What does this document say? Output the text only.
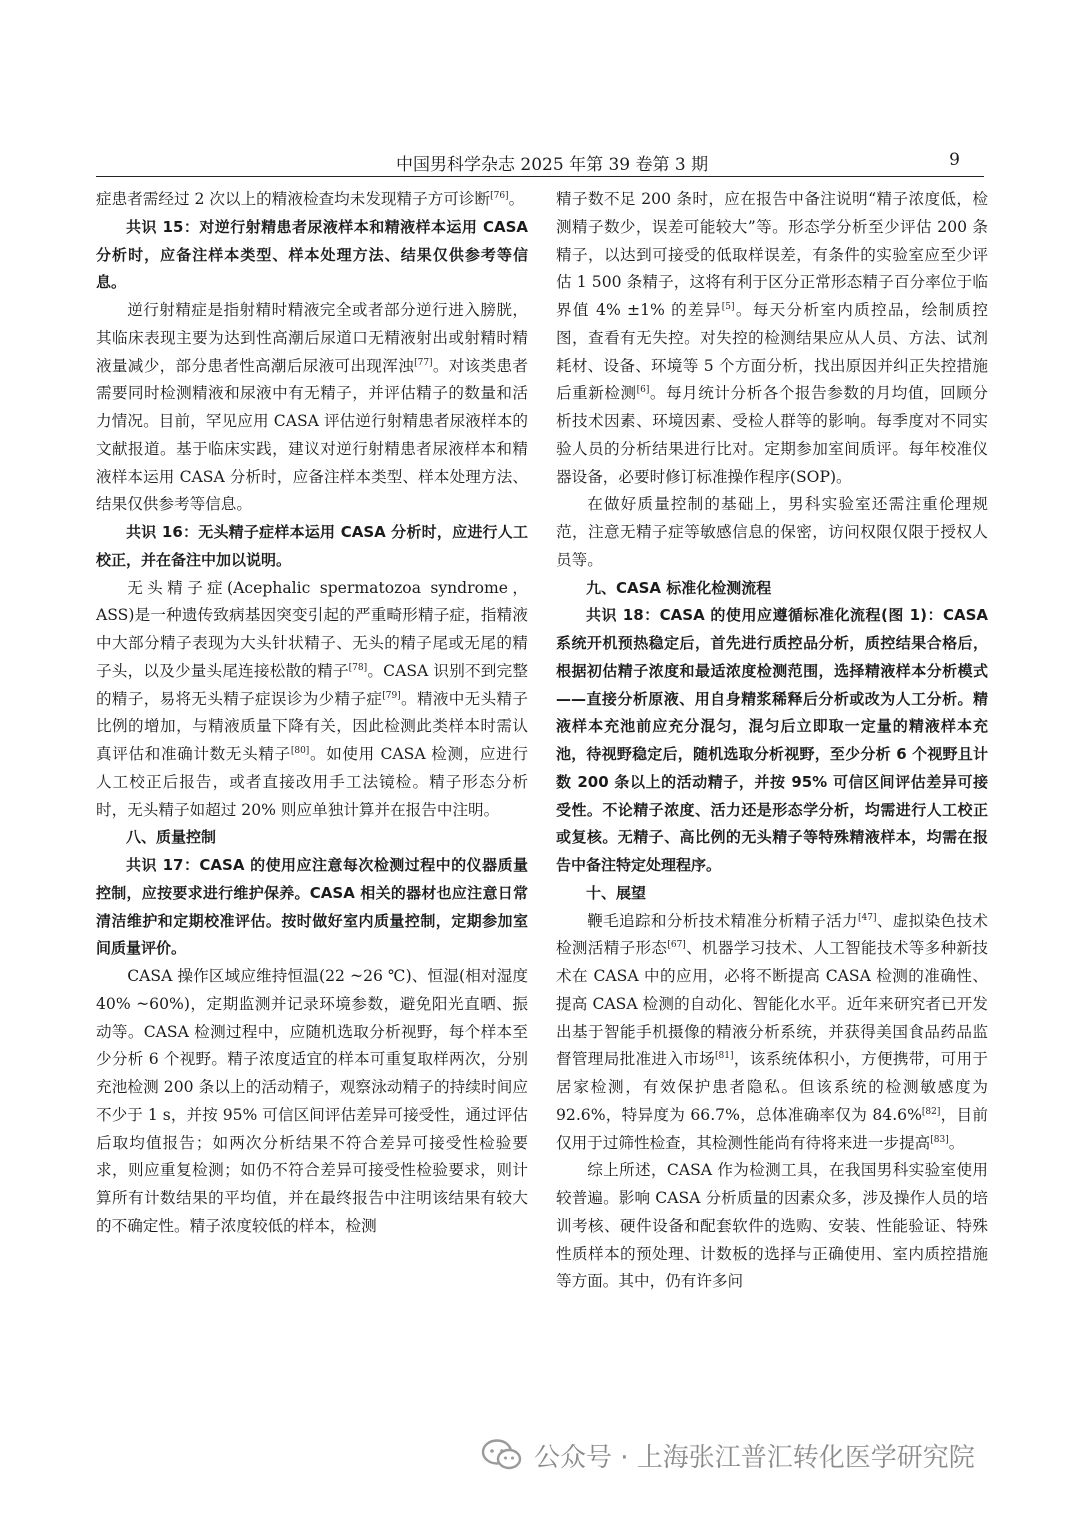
中国男科学杂志 2025 年第 39 卷第 3 期	9

症患者需经过 2 次以上的精液检查均未发现精子方可诊断[76]。

共识 15：对逆行射精患者尿液样本和精液样本运用 CASA 分析时，应备注样本类型、样本处理方法、结果仅供参考等信息。

逆行射精症是指射精时精液完全或者部分逆行进入膀胱，其临床表现主要为达到性高潮后尿道口无精液射出或射精时精液量减少，部分患者性高潮后尿液可出现浑浊[77]。对该类患者需要同时检测精液和尿液中有无精子，并评估精子的数量和活力情况。目前，罕见应用 CASA 评估逆行射精患者尿液样本的文献报道。基于临床实践，建议对逆行射精患者尿液样本和精液样本运用 CASA 分析时，应备注样本类型、样本处理方法、结果仅供参考等信息。

共识 16：无头精子症样本运用 CASA 分析时，应进行人工校正，并在备注中加以说明。

无头精子症(Acephalic spermatozoa syndrome，ASS)是一种遗传致病基因突变引起的严重畸形精子症，指精液中大部分精子表现为大头针状精子、无头的精子尾或无尾的精子头，以及少量头尾连接松散的精子[78]。CASA 识别不到完整的精子，易将无头精子症误诊为少精子症[79]。精液中无头精子比例的增加，与精液质量下降有关，因此检测此类样本时需认真评估和准确计数无头精子[80]。如使用 CASA 检测，应进行人工校正后报告，或者直接改用手工法镜检。精子形态分析时，无头精子如超过 20% 则应单独计算并在报告中注明。

八、质量控制

共识 17：CASA 的使用应注意每次检测过程中的仪器质量控制，应按要求进行维护保养。CASA 相关的器材也应注意日常清洁维护和定期校准评估。按时做好室内质量控制，定期参加室间质量评价。

CASA 操作区域应维持恒温(22 ~26 ℃)、恒湿(相对湿度 40% ~60%)，定期监测并记录环境参数，避免阳光直晒、振动等。CASA 检测过程中，应随机选取分析视野，每个样本至少分析 6 个视野。精子浓度适宜的样本可重复取样两次，分别充池检测 200 条以上的活动精子，观察泳动精子的持续时间应不少于 1 s，并按 95% 可信区间评估差异可接受性，通过评估后取均值报告；如两次分析结果不符合差异可接受性检验要求，则应重复检测；如仍不符合差异可接受性检验要求，则计算所有计数结果的平均值，并在最终报告中注明该结果有较大的不确定性。精子浓度较低的样本，检测

精子数不足 200 条时，应在报告中备注说明“精子浓度低，检测精子数少，误差可能较大”等。形态学分析至少评估 200 条精子，以达到可接受的低取样误差，有条件的实验室应至少评估 1 500 条精子，这将有利于区分正常形态精子百分率位于临界值 4% ±1% 的差异[5]。每天分析室内质控品，绘制质控图，查看有无失控。对失控的检测结果应从人员、方法、试剂耗材、设备、环境等 5 个方面分析，找出原因并纠正失控措施后重新检测[6]。每月统计分析各个报告参数的月均值，回顾分析技术因素、环境因素、受检人群等的影响。每季度对不同实验人员的分析结果进行比对。定期参加室间质评。每年校准仪器设备，必要时修订标准操作程序(SOP)。

在做好质量控制的基础上，男科实验室还需注重伦理规范，注意无精子症等敏感信息的保密，访问权限仅限于授权人员等。

九、CASA 标准化检测流程

共识 18：CASA 的使用应遵循标准化流程(图 1)：CASA 系统开机预热稳定后，首先进行质控品分析，质控结果合格后，根据初估精子浓度和最适浓度检测范围，选择精液样本分析模式——直接分析原液、用自身精浆稀释后分析或改为人工分析。精液样本充池前应充分混匀，混匀后立即取一定量的精液样本充池，待视野稳定后，随机选取分析视野，至少分析 6 个视野且计数 200 条以上的活动精子，并按 95% 可信区间评估差异可接受性。不论精子浓度、活力还是形态学分析，均需进行人工校正或复核。无精子、高比例的无头精子等特殊精液样本，均需在报告中备注特定处理程序。

十、展望

鞭毛追踪和分析技术精准分析精子活力[47]、虚拟染色技术检测活精子形态[67]、机器学习技术、人工智能技术等多种新技术在 CASA 中的应用，必将不断提高 CASA 检测的准确性、提高 CASA 检测的自动化、智能化水平。近年来研究者已开发出基于智能手机摄像的精液分析系统，并获得美国食品药品监督管理局批准进入市场[81]，该系统体积小，方便携带，可用于居家检测，有效保护患者隐私。但该系统的检测敏感度为 92.6%，特异度为 66.7%，总体准确率仅为 84.6%[82]，目前仅用于过筛性检查，其检测性能尚有待将来进一步提高[83]。

综上所述，CASA 作为检测工具，在我国男科实验室使用较普遍。影响 CASA 分析质量的因素众多，涉及操作人员的培训考核、硬件设备和配套软件的选购、安装、性能验证、特殊性质样本的预处理、计数板的选择与正确使用、室内质控措施等方面。其中，仍有许多问

公众号 · 上海张江普汇转化医学研究院
